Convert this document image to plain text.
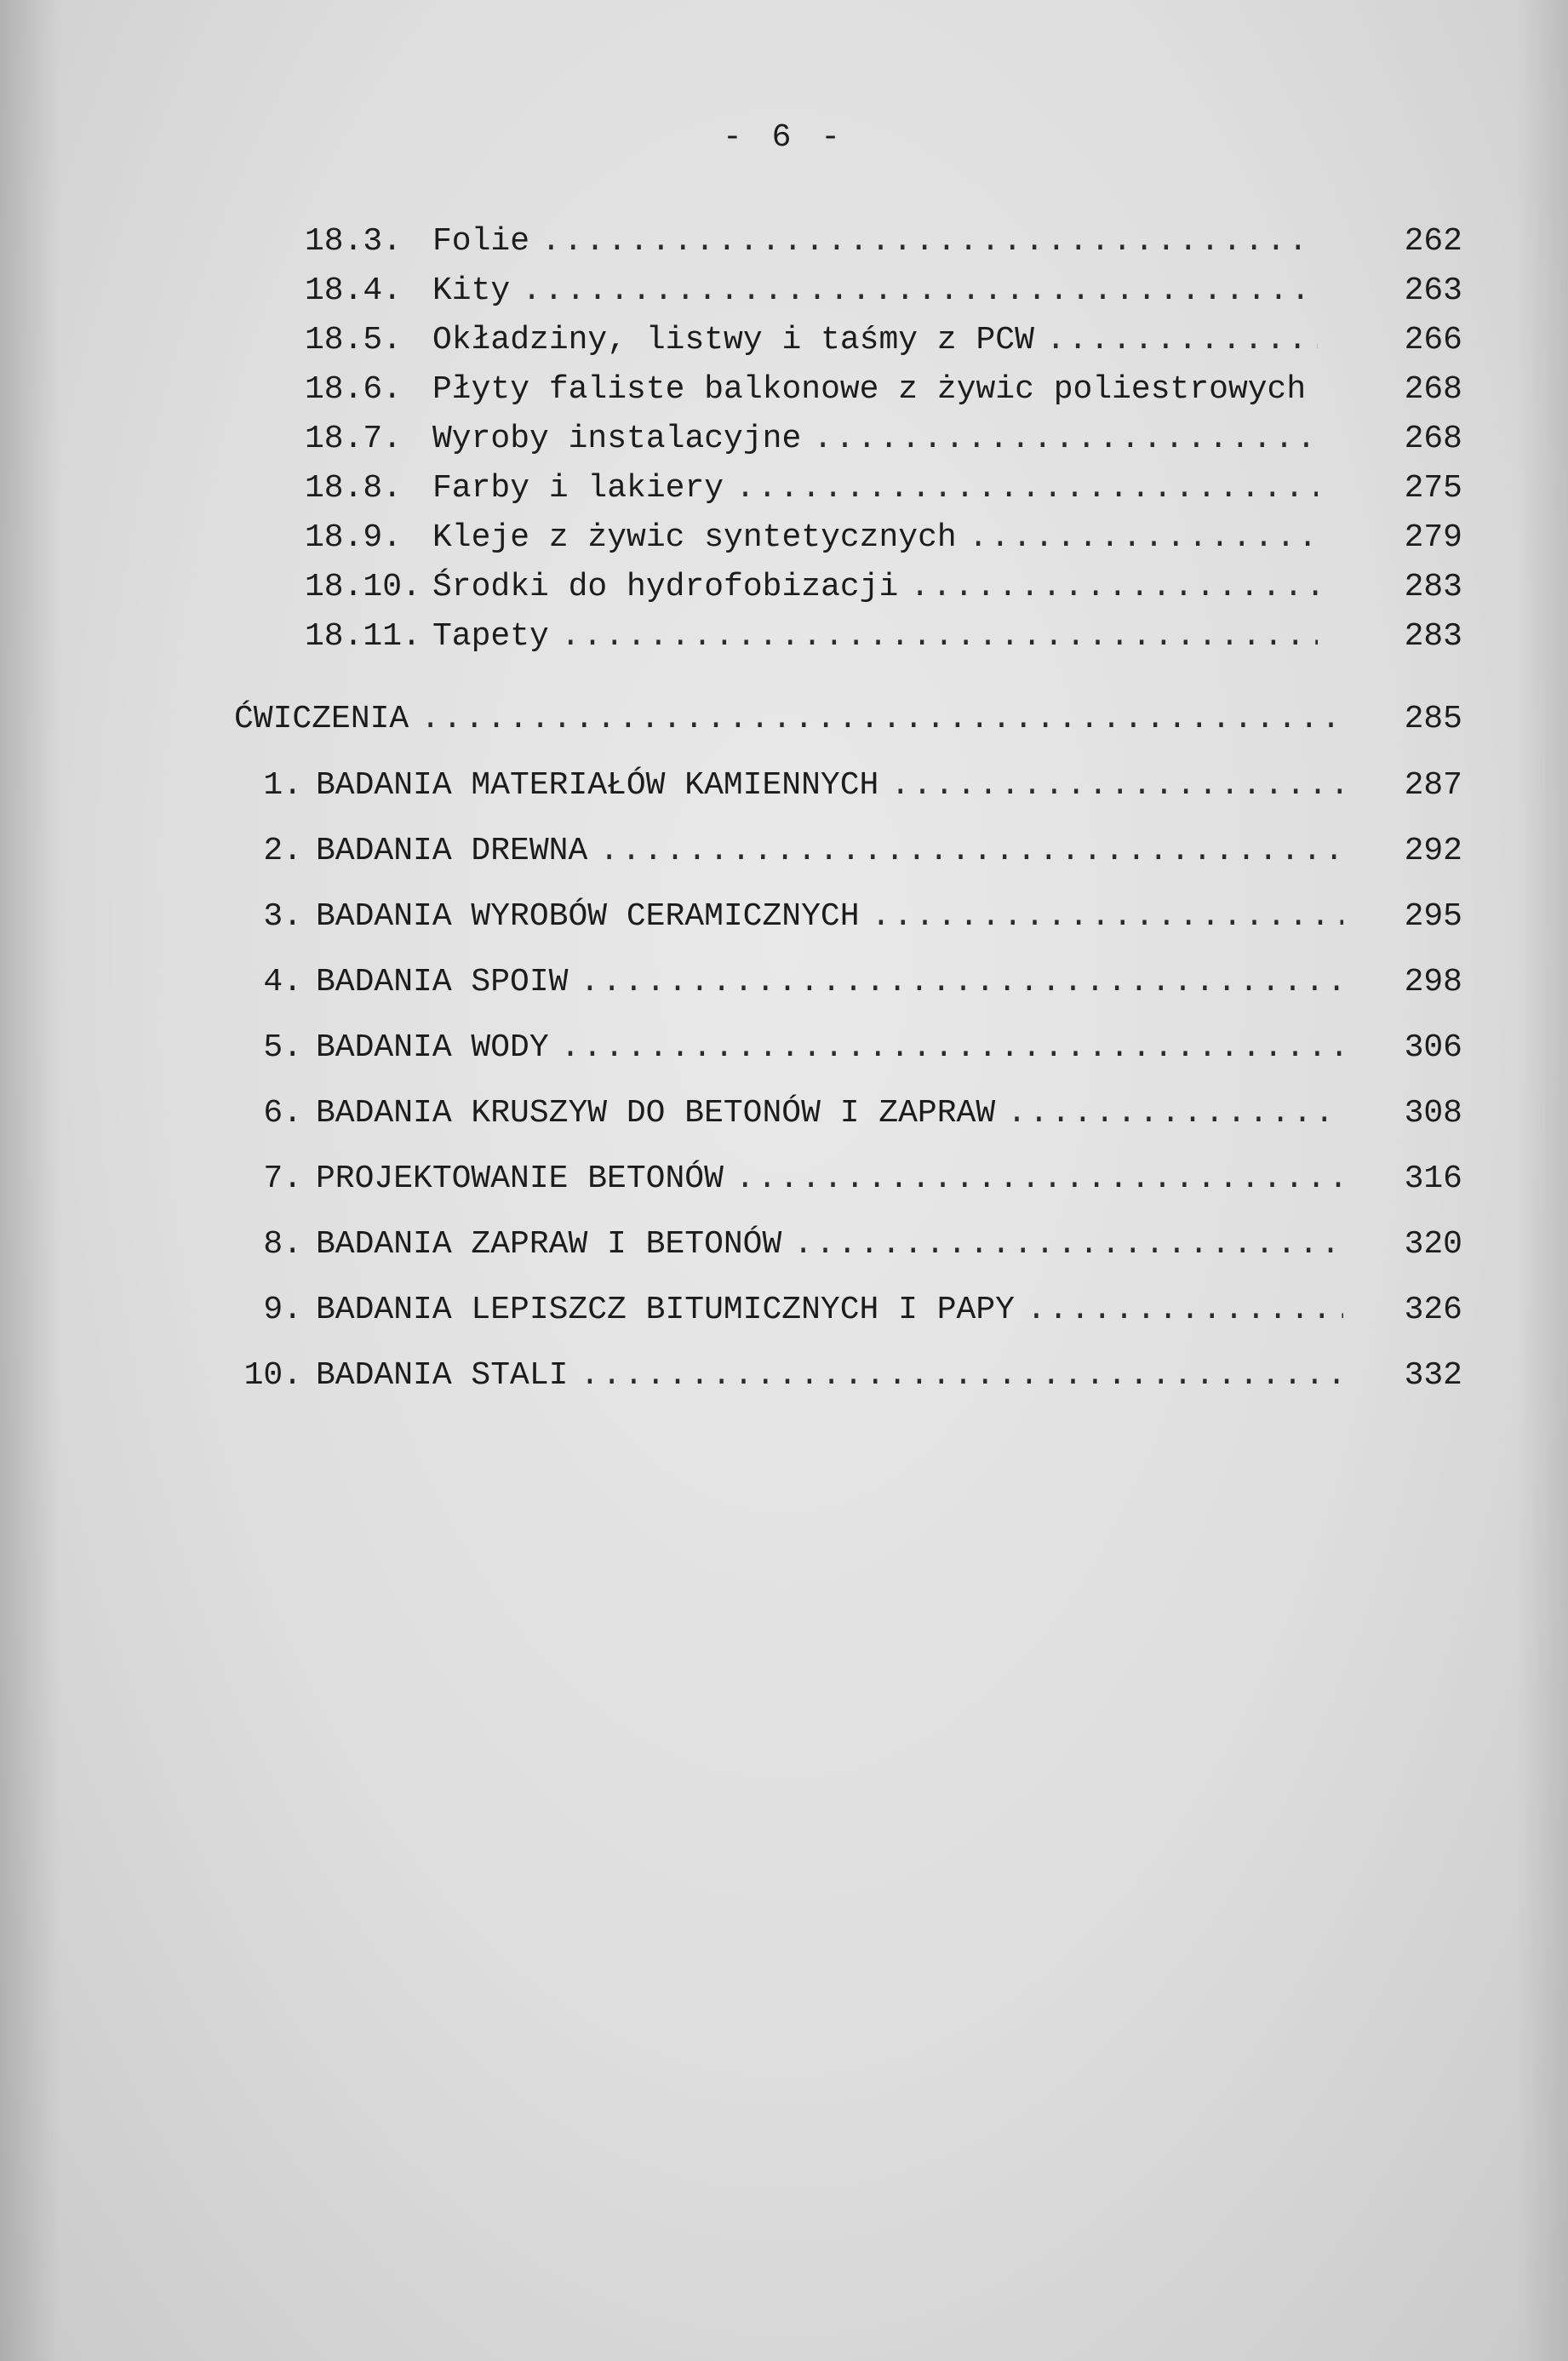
- 6 -
18.3. Folie .....	262
18.4. Kity .....	263
18.5. Okładziny, listwy i taśmy z PCW .....	266
18.6. Płyty faliste balkonowe z żywic poliestrowych	268
18.7. Wyroby instalacyjne .....	268
18.8. Farby i lakiery .....	275
18.9. Kleje z żywic syntetycznych .....	279
18.10. Środki do hydrofobizacji .....	283
18.11. Tapety .....	283
ĆWICZENIA .....	285
1. BADANIA MATERIAŁÓW KAMIENNYCH .....	287
2. BADANIA DREWNA .....	292
3. BADANIA WYROBÓW CERAMICZNYCH .....	295
4. BADANIA SPOIW .....	298
5. BADANIA WODY .....	306
6. BADANIA KRUSZYW DO BETONÓW I ZAPRAW .....	308
7. PROJEKTOWANIE BETONÓW .....	316
8. BADANIA ZAPRAW I BETONÓW .....	320
9. BADANIA LEPISZCZ BITUMICZNYCH I PAPY .....	326
10. BADANIA STALI .....	332
